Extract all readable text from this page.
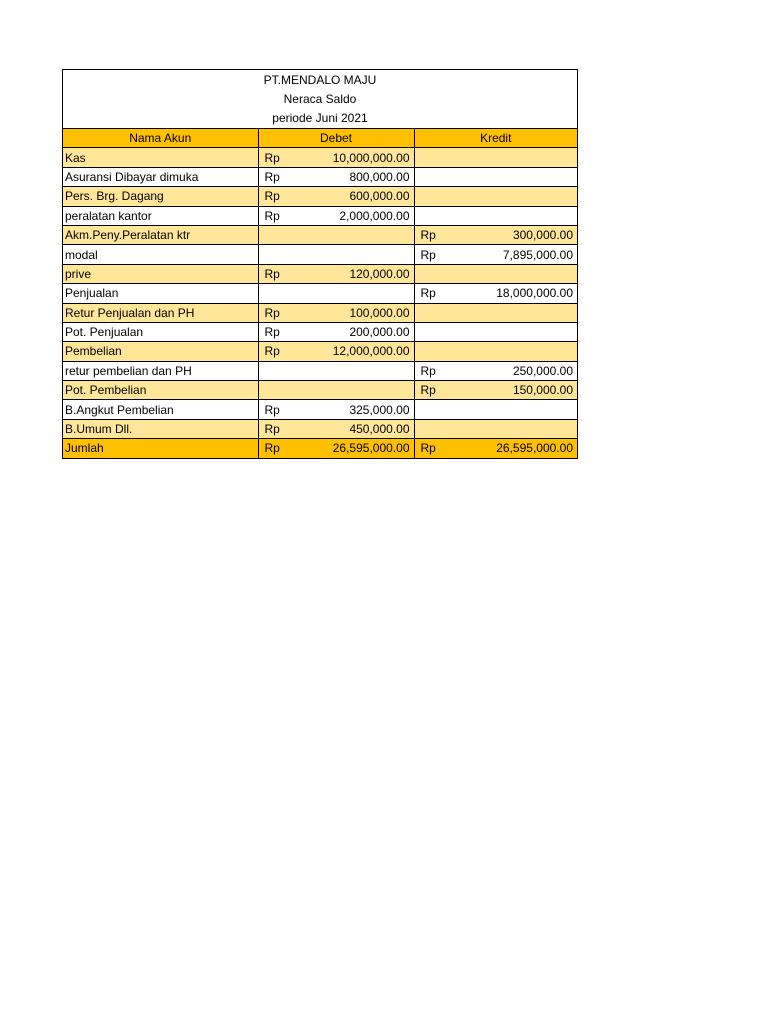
PT.MENDALO MAJU
Neraca Saldo
periode Juni 2021
Nama Akun	Debet	Kredit
Kas	Rp 10,000,000.00	

Asuransi Dibayar dimuka	Rp 800,000.00	

Pers. Brg. Dagang	Rp 600,000.00	

peralatan kantor	Rp 2,000,000.00	

Akm.Peny.Peralatan ktr		Rp 300,000.00

modal		Rp 7,895,000.00

prive	Rp 120,000.00	

Penjualan		Rp 18,000,000.00

Retur Penjualan dan PH	Rp 100,000.00	

Pot. Penjualan	Rp 200,000.00	

Pembelian	Rp 12,000,000.00	

retur pembelian dan PH		Rp 250,000.00

Pot. Pembelian		Rp 150,000.00

B.Angkut Pembelian	Rp 325,000.00	

B.Umum Dll.	Rp 450,000.00	

Jumlah	Rp 26,595,000.00	Rp 26,595,000.00
